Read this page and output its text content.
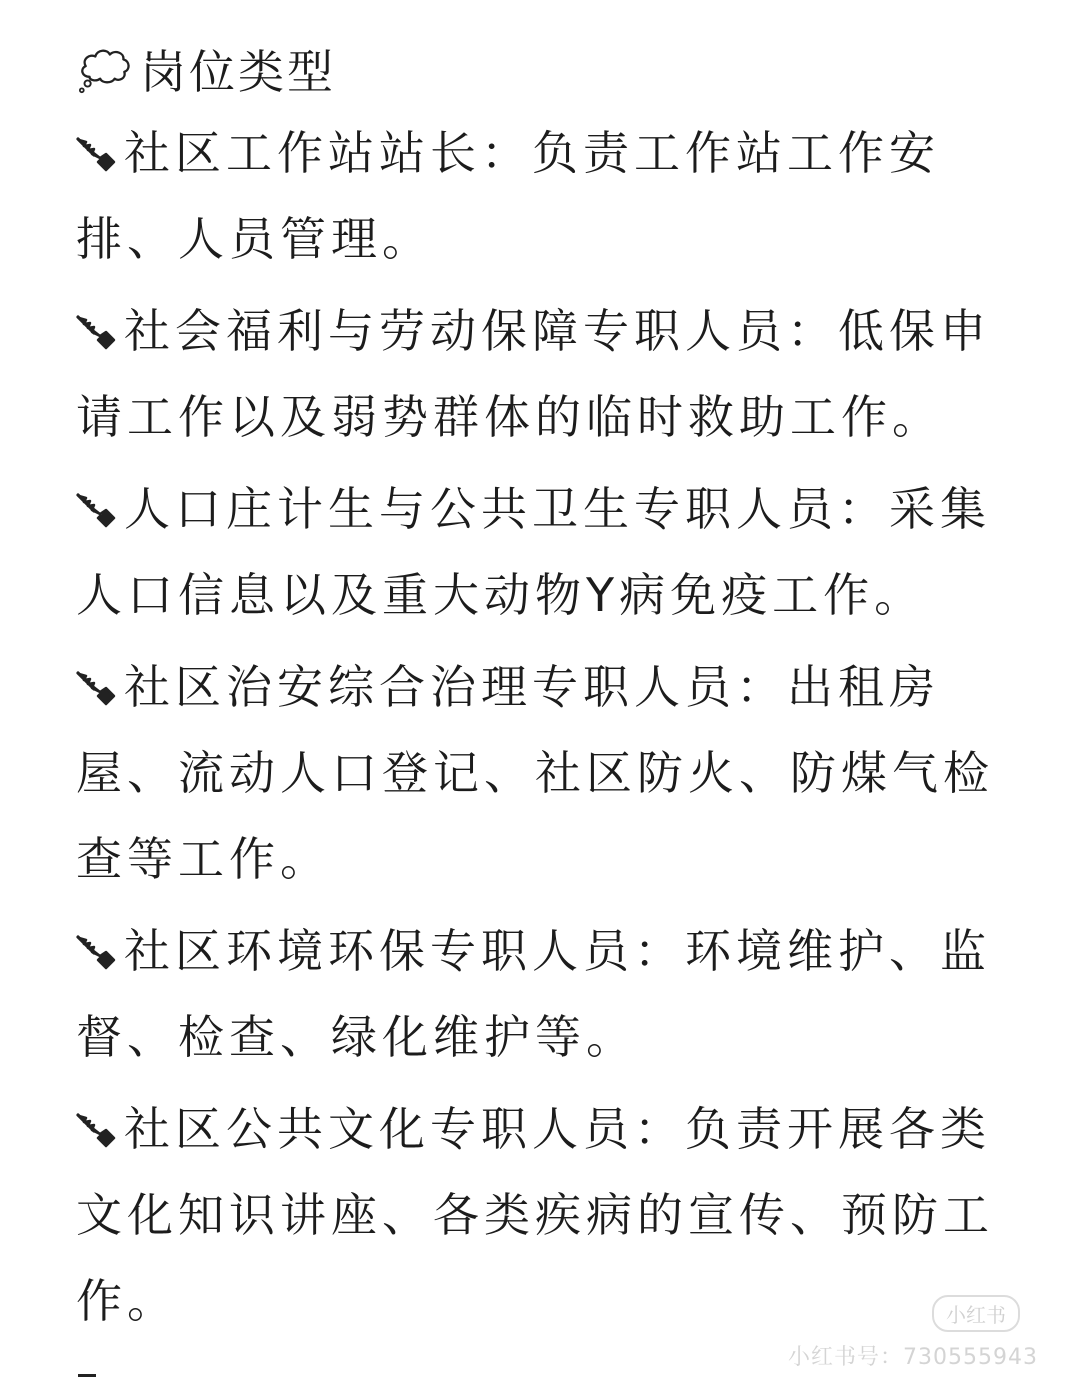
岗位类型
社区工作站站长：负责工作站工作安排、人员管理。
社会福利与劳动保障专职人员：低保申请工作以及弱势群体的临时救助工作。
人口庄计生与公共卫生专职人员：采集人口信息以及重大动物Y病免疫工作。
社区治安综合治理专职人员：出租房屋、流动人口登记、社区防火、防煤气检查等工作。
社区环境环保专职人员：环境维护、监督、检查、绿化维护等。
社区公共文化专职人员：负责开展各类文化知识讲座、各类疾病的宣传、预防工作。	小红书
小红书号：730555943
